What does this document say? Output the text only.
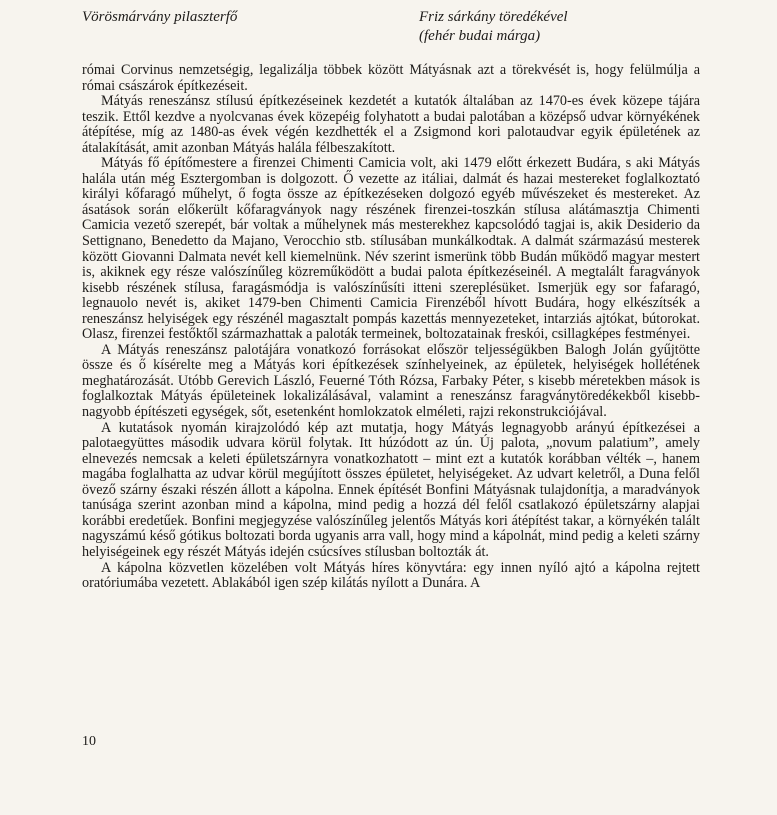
Vörösmárvány pilaszterfő	Friz sárkány töredékével
(fehér budai márga)

római Corvinus nemzetségig, legalizálja többek között Mátyásnak azt a törekvését is, hogy felülmúlja a római császárok építkezéseit.

Mátyás reneszánsz stílusú építkezéseinek kezdetét a kutatók általában az 1470-es évek közepe tájára teszik. Ettől kezdve a nyolcvanas évek közepéig folyhatott a budai palotában a középső udvar környékének átépítése, míg az 1480-as évek végén kezdhették el a Zsigmond kori palotaudvar egyik épületének az átalakítását, amit azonban Mátyás halála félbeszakított.

Mátyás fő építőmestere a firenzei Chimenti Camicia volt, aki 1479 előtt érkezett Budára, s aki Mátyás halála után még Esztergomban is dolgozott. Ő vezette az itáliai, dalmát és hazai mestereket foglalkoztató királyi kőfaragó műhelyt, ő fogta össze az építkezéseken dolgozó egyéb művészeket és mestereket. Az ásatások során előkerült kőfaragványok nagy részének firenzei-toszkán stílusa alátámasztja Chimenti Camicia vezető szerepét, bár voltak a műhelynek más mesterekhez kapcsolódó tagjai is, akik Desiderio da Settignano, Benedetto da Majano, Verocchio stb. stílusában munkálkodtak. A dalmát származású mesterek között Giovanni Dalmata nevét kell kiemelnünk. Név szerint ismerünk több Budán működő magyar mestert is, akiknek egy része valószínűleg közreműködött a budai palota építkezéseinél. A megtalált faragványok kisebb részének stílusa, faragásmódja is valószínűsíti itteni szereplésüket. Ismerjük egy sor fafaragó, legnauolo nevét is, akiket 1479-ben Chimenti Camicia Firenzéből hívott Budára, hogy elkészítsék a reneszánsz helyiségek egy részénél magasztalt pompás kazettás mennyezeteket, intarziás ajtókat, bútorokat. Olasz, firenzei festőktől származhattak a paloták termeinek, boltozatainak freskói, csillagképes festményei.

A Mátyás reneszánsz palotájára vonatkozó forrásokat először teljességükben Balogh Jolán gyűjtötte össze és ő kísérelte meg a Mátyás kori építkezések színhelyeinek, az épületek, helyiségek hollétének meghatározását. Utóbb Gerevich László, Feuerné Tóth Rózsa, Farbaky Péter, s kisebb méretekben mások is foglalkoztak Mátyás épületeinek lokalizálásával, valamint a reneszánsz faragványtöredékekből kisebb-nagyobb építészeti egységek, sőt, esetenként homlokzatok elméleti, rajzi rekonstrukciójával.

A kutatások nyomán kirajzolódó kép azt mutatja, hogy Mátyás legnagyobb arányú építkezései a palotaegyüttes második udvara körül folytak. Itt húzódott az ún. Új palota, „novum palatium”, amely elnevezés nemcsak a keleti épületszárnyra vonatkozhatott – mint ezt a kutatók korábban vélték –, hanem magába foglalhatta az udvar körül megújított összes épületet, helyiségeket. Az udvart keletről, a Duna felől övező szárny északi részén állott a kápolna. Ennek építését Bonfini Mátyásnak tulajdonítja, a maradványok tanúsága szerint azonban mind a kápolna, mind pedig a hozzá dél felől csatlakozó épületszárny alapjai korábbi eredetűek. Bonfini megjegyzése valószínűleg jelentős Mátyás kori átépítést takar, a környékén talált nagyszámú késő gótikus boltozati borda ugyanis arra vall, hogy mind a kápolnát, mind pedig a keleti szárny helyiségeinek egy részét Mátyás idején csúcsíves stílusban boltozták át.

A kápolna közvetlen közelében volt Mátyás híres könyvtára: egy innen nyíló ajtó a kápolna rejtett oratóriumába vezetett. Ablakából igen szép kilátás nyílott a Dunára. A

10
